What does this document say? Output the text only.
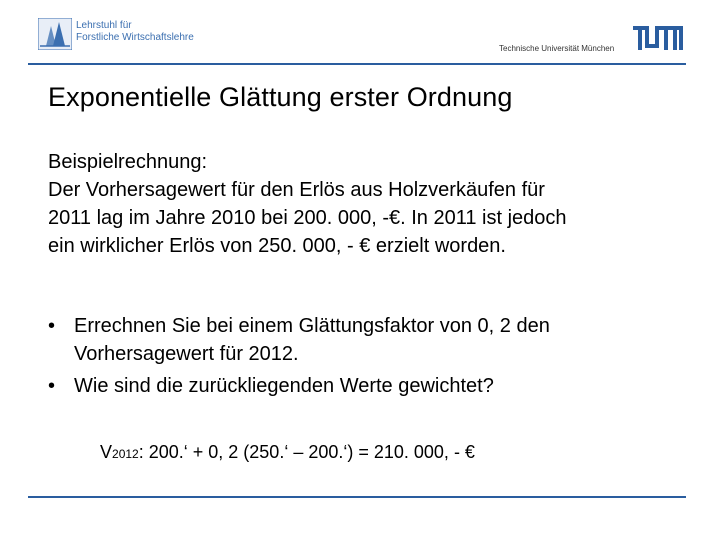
Lehrstuhl für
Forstliche Wirtschaftslehre
Technische Universität München
Exponentielle Glättung erster Ordnung
Beispielrechnung:
Der Vorhersagewert für den Erlös aus Holzverkäufen für
2011 lag im Jahre 2010 bei 200. 000, -€. In 2011 ist jedoch
ein wirklicher Erlös von 250. 000, - € erzielt worden.
• Errechnen Sie bei einem Glättungsfaktor von 0, 2 den
Vorhersagewert für 2012.
• Wie sind die zurückliegenden Werte gewichtet?
V2012: 200.‘ + 0, 2 (250.‘ – 200.‘) = 210. 000, - €
